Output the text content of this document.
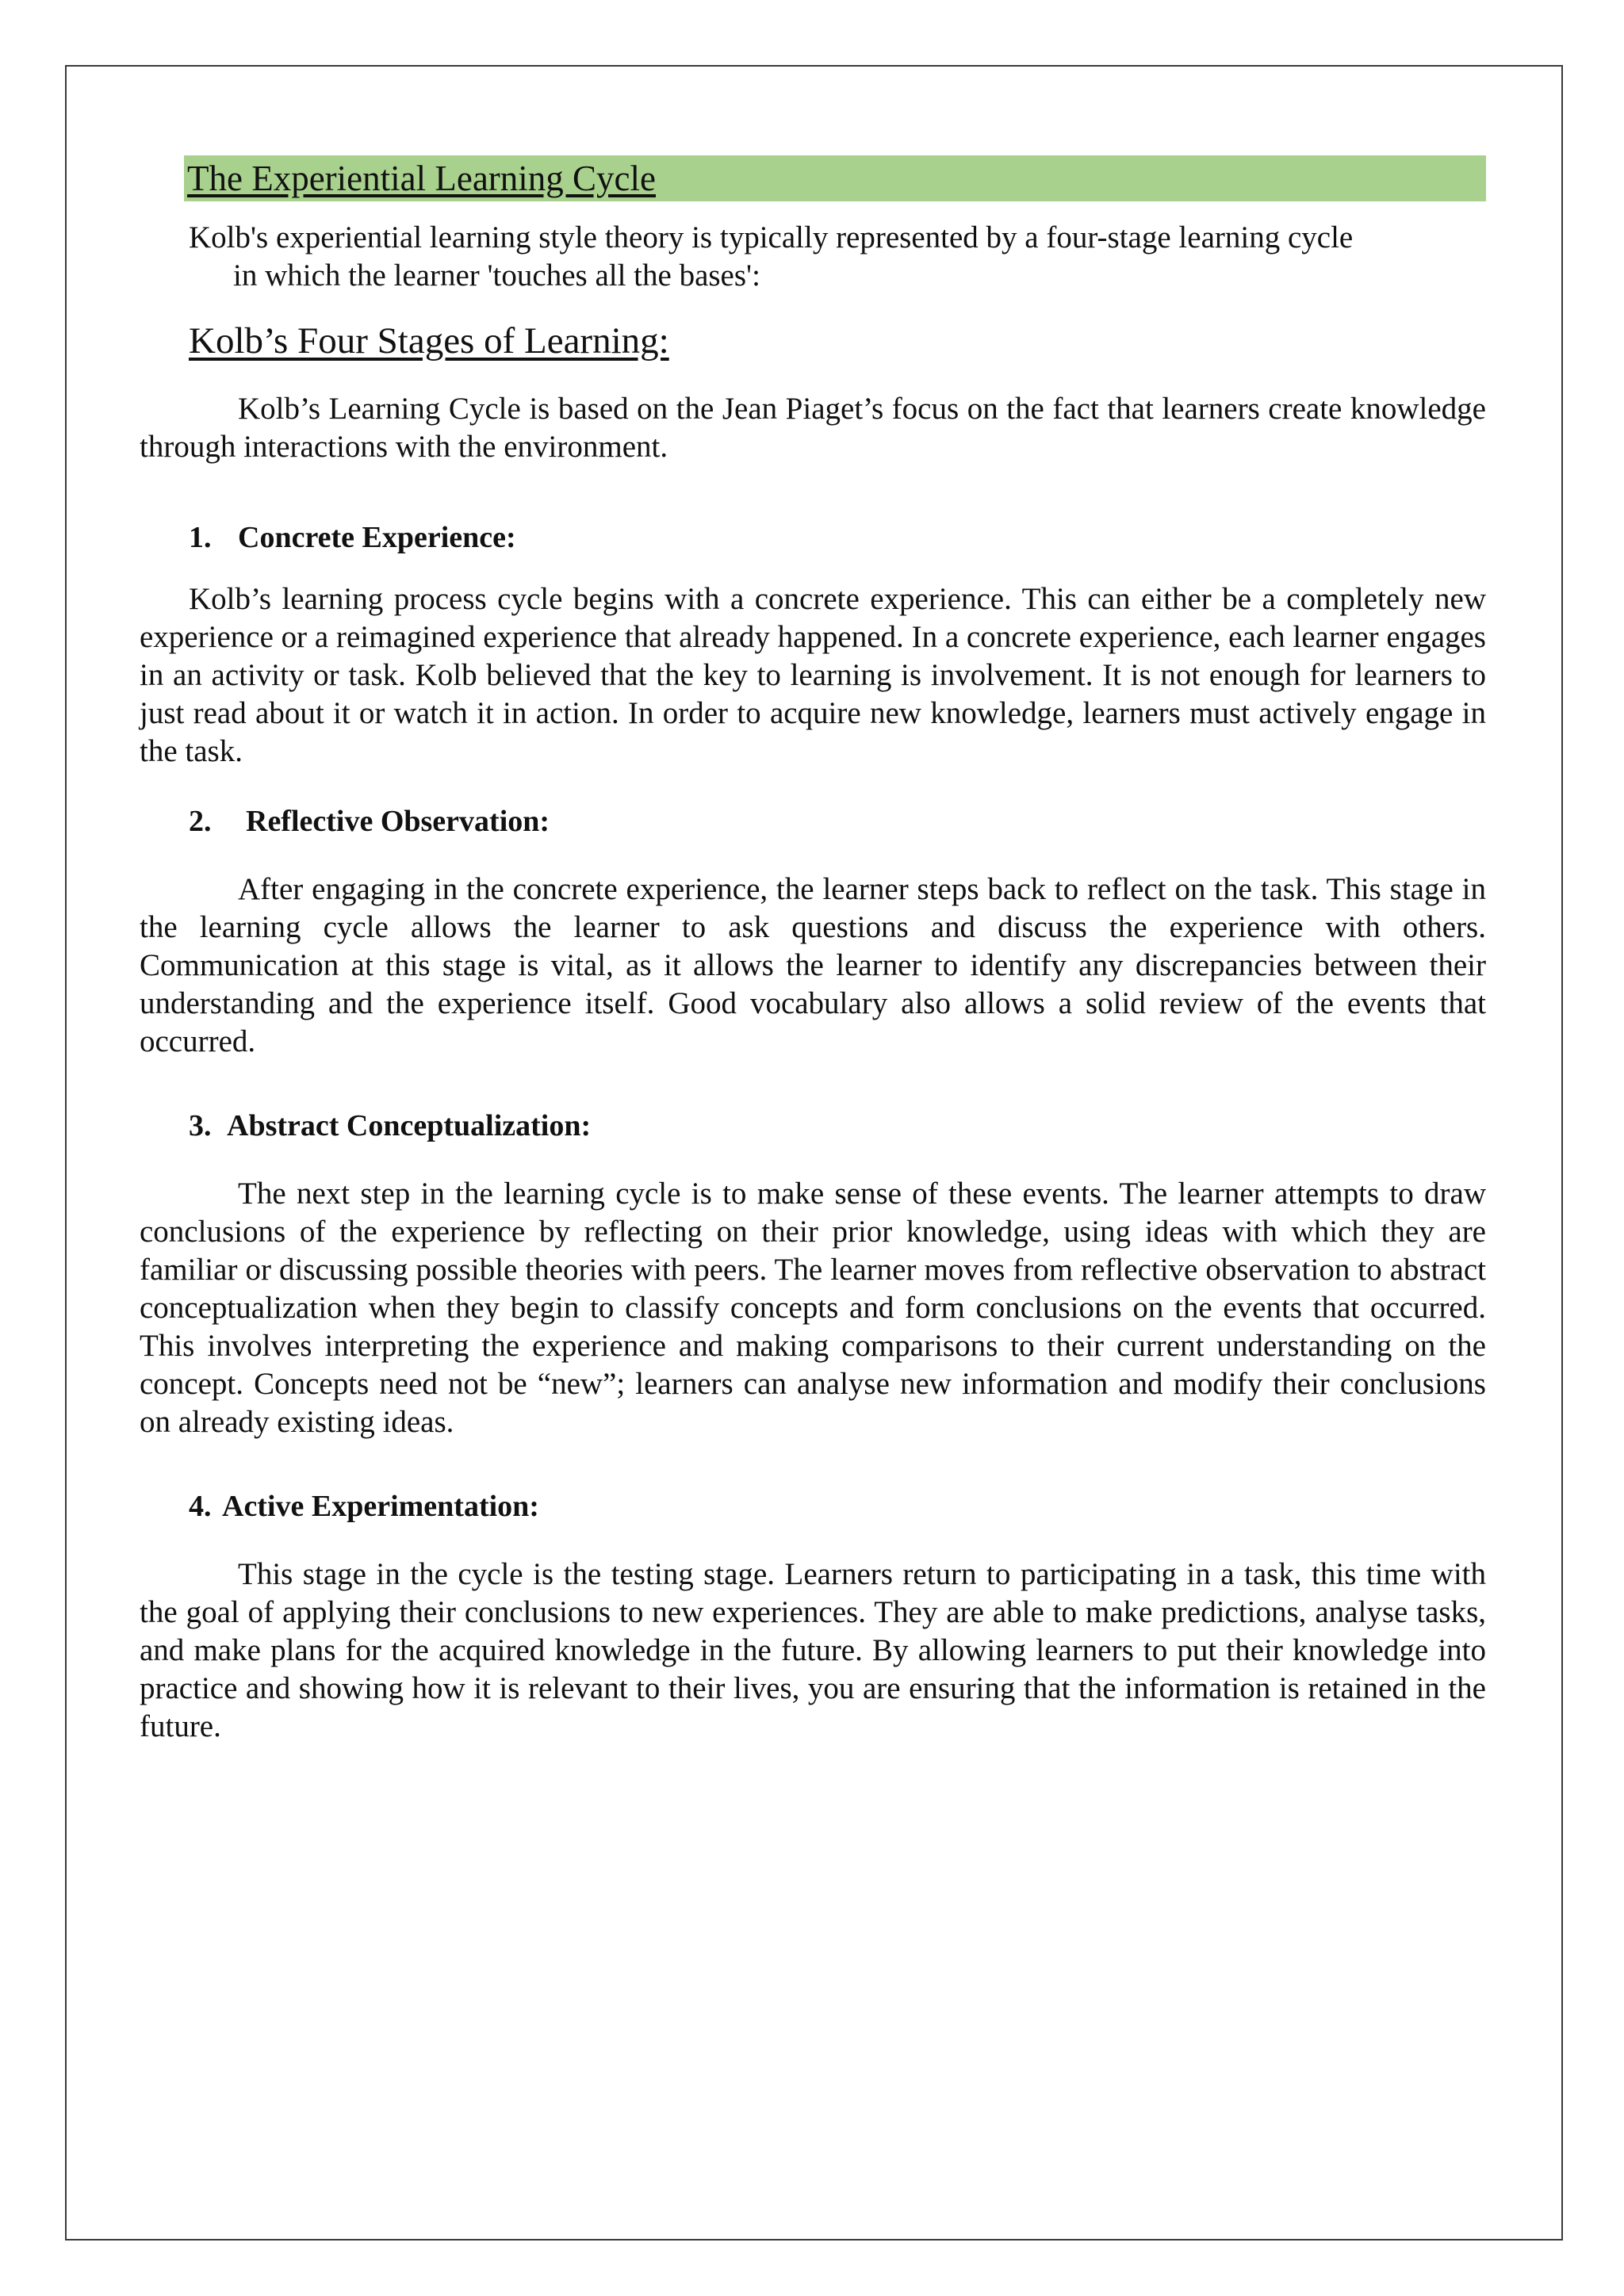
The Experiential Learning Cycle

Kolb's experiential learning style theory is typically represented by a four-stage learning cycle

in which the learner 'touches all the bases':

Kolb’s Four Stages of Learning:

Kolb’s Learning Cycle is based on the Jean Piaget’s focus on the fact that learners create knowledge through interactions with the environment.

1. Concrete Experience:

Kolb’s learning process cycle begins with a concrete experience. This can either be a completely new experience or a reimagined experience that already happened. In a concrete experience, each learner engages in an activity or task. Kolb believed that the key to learning is involvement. It is not enough for learners to just read about it or watch it in action. In order to acquire new knowledge, learners must actively engage in the task.

2. Reflective Observation:

After engaging in the concrete experience, the learner steps back to reflect on the task. This stage in the learning cycle allows the learner to ask questions and discuss the experience with others. Communication at this stage is vital, as it allows the learner to identify any discrepancies between their understanding and the experience itself. Good vocabulary also allows a solid review of the events that occurred.

3. Abstract Conceptualization:

The next step in the learning cycle is to make sense of these events. The learner attempts to draw conclusions of the experience by reflecting on their prior knowledge, using ideas with which they are familiar or discussing possible theories with peers. The learner moves from reflective observation to abstract conceptualization when they begin to classify concepts and form conclusions on the events that occurred. This involves interpreting the experience and making comparisons to their current understanding on the concept. Concepts need not be “new”; learners can analyse new information and modify their conclusions on already existing ideas.

4. Active Experimentation:

This stage in the cycle is the testing stage. Learners return to participating in a task, this time with the goal of applying their conclusions to new experiences. They are able to make predictions, analyse tasks, and make plans for the acquired knowledge in the future. By allowing learners to put their knowledge into practice and showing how it is relevant to their lives, you are ensuring that the information is retained in the future.
